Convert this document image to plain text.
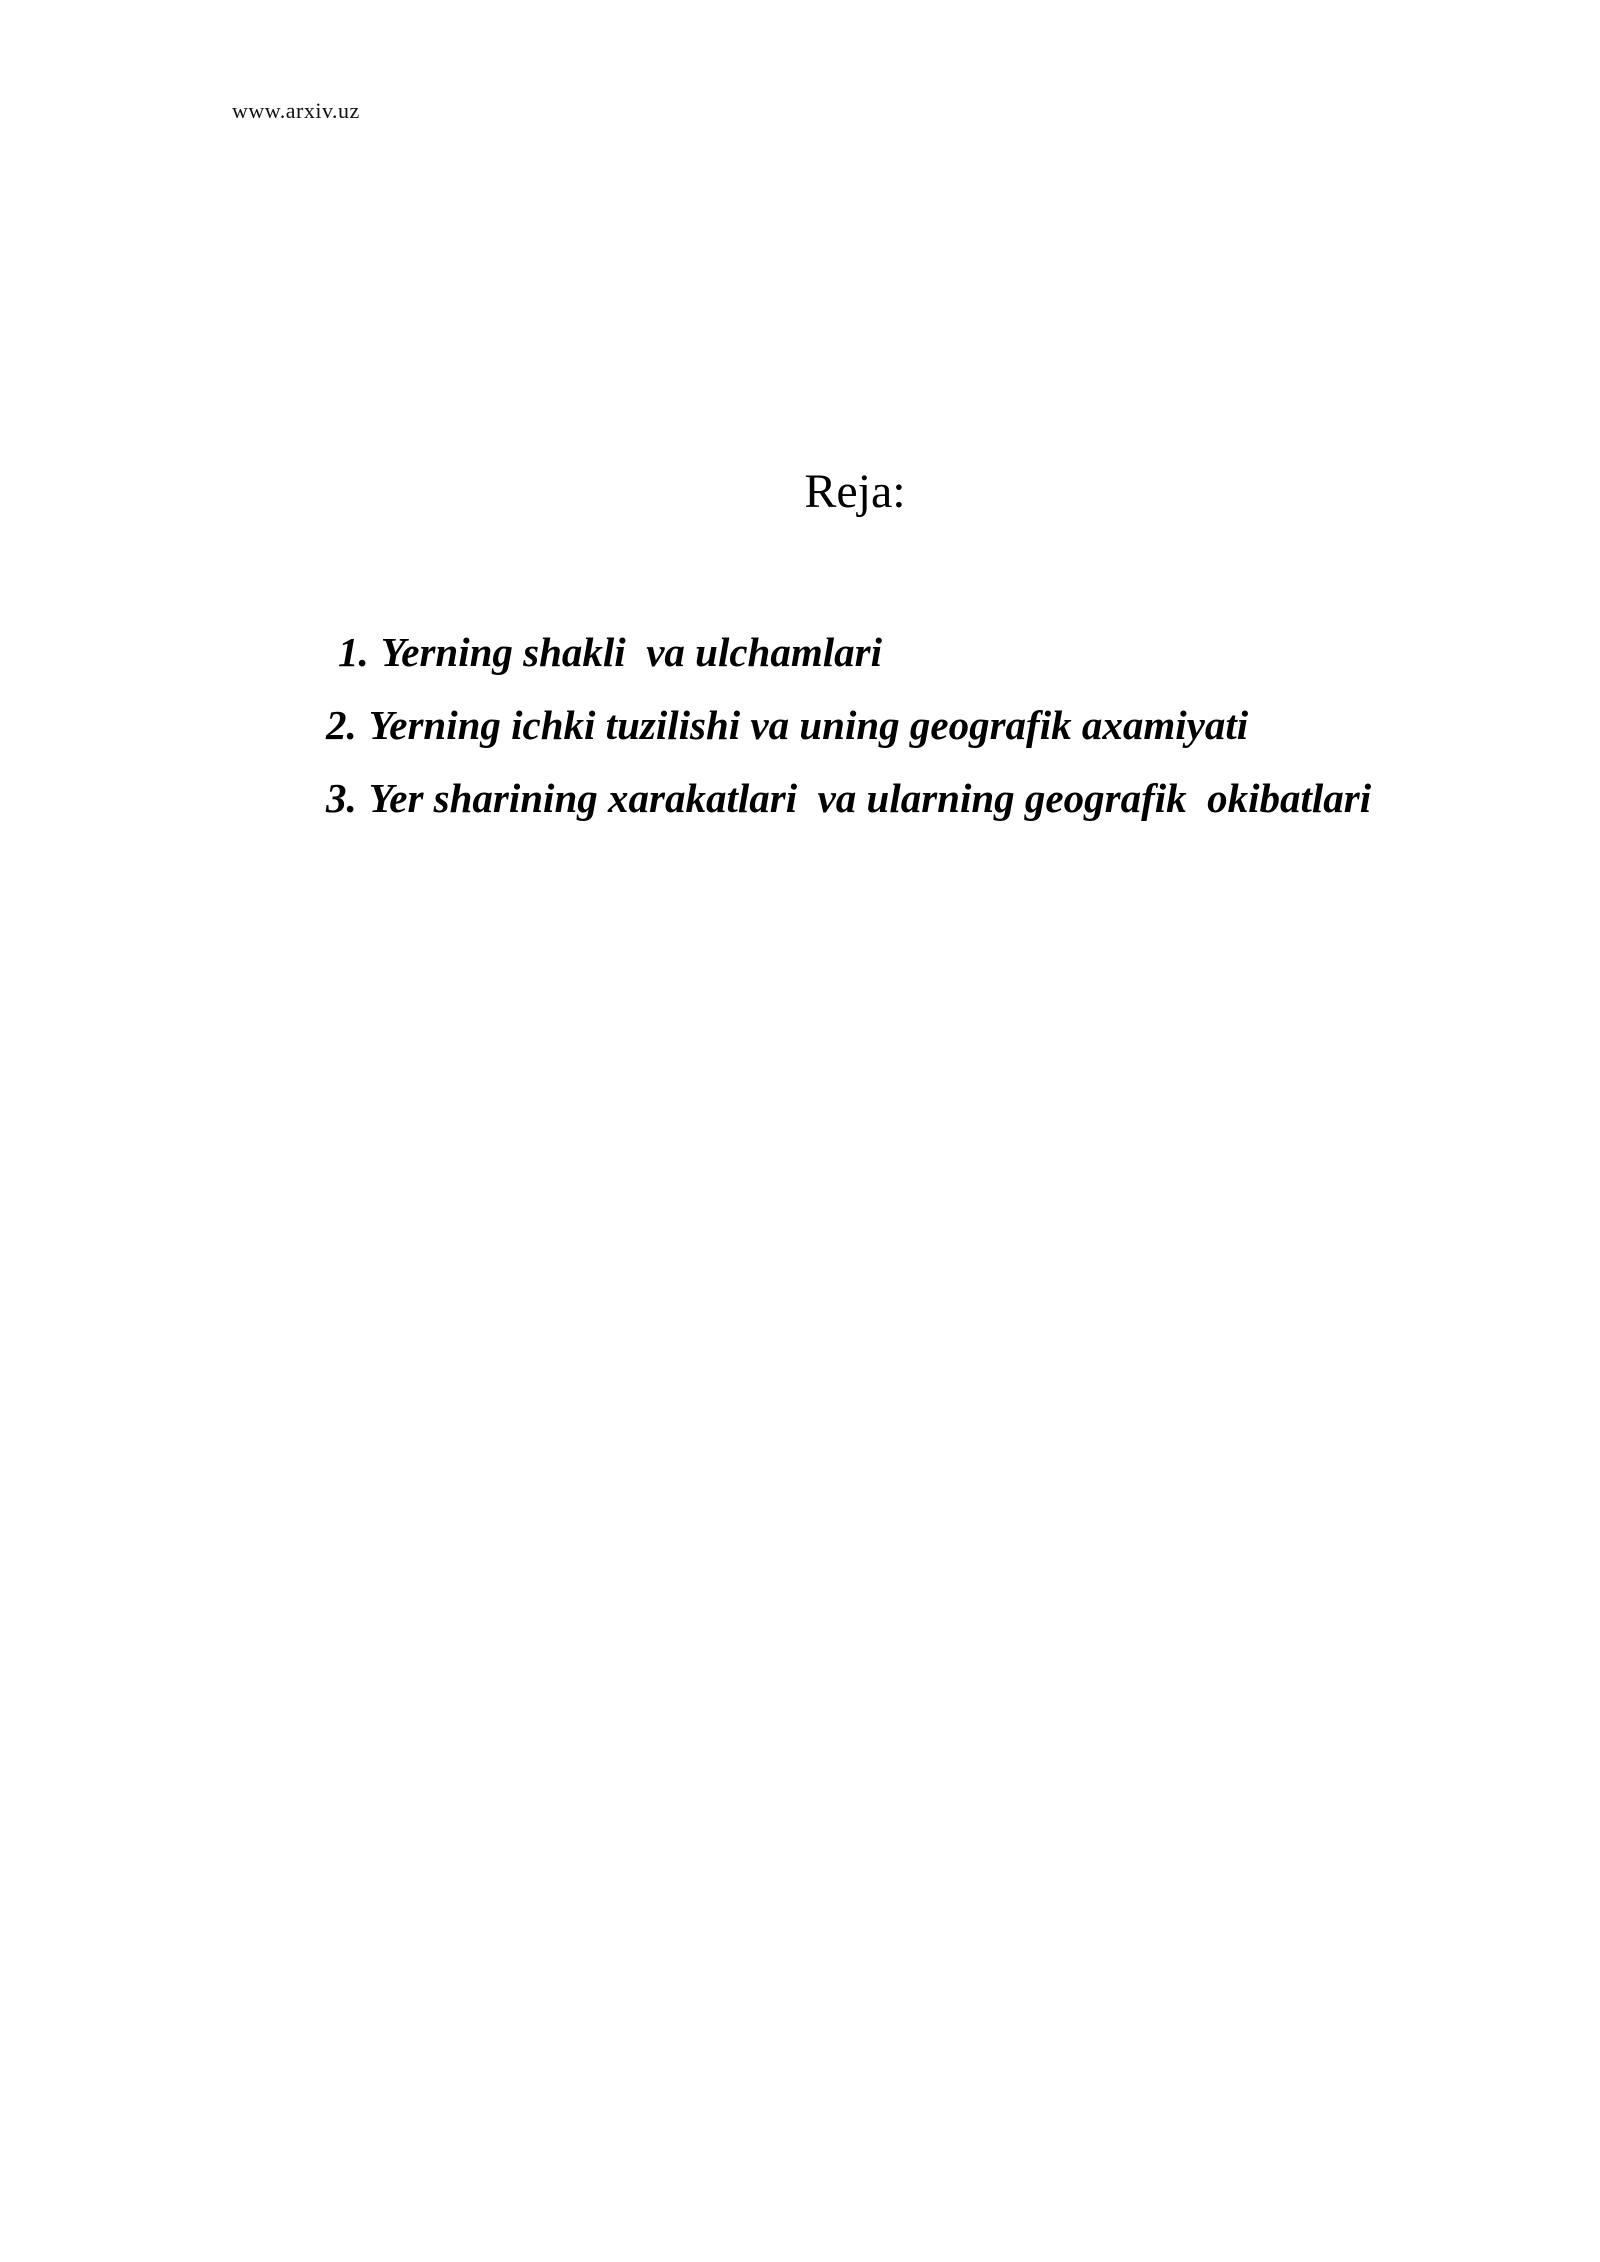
www.arxiv.uz
Reja:
1. Yerning shakli  va ulchamlari
2. Yerning ichki tuzilishi va uning geografik axamiyati
3. Yer sharining xarakatlari  va ularning geografik  okibatlari
